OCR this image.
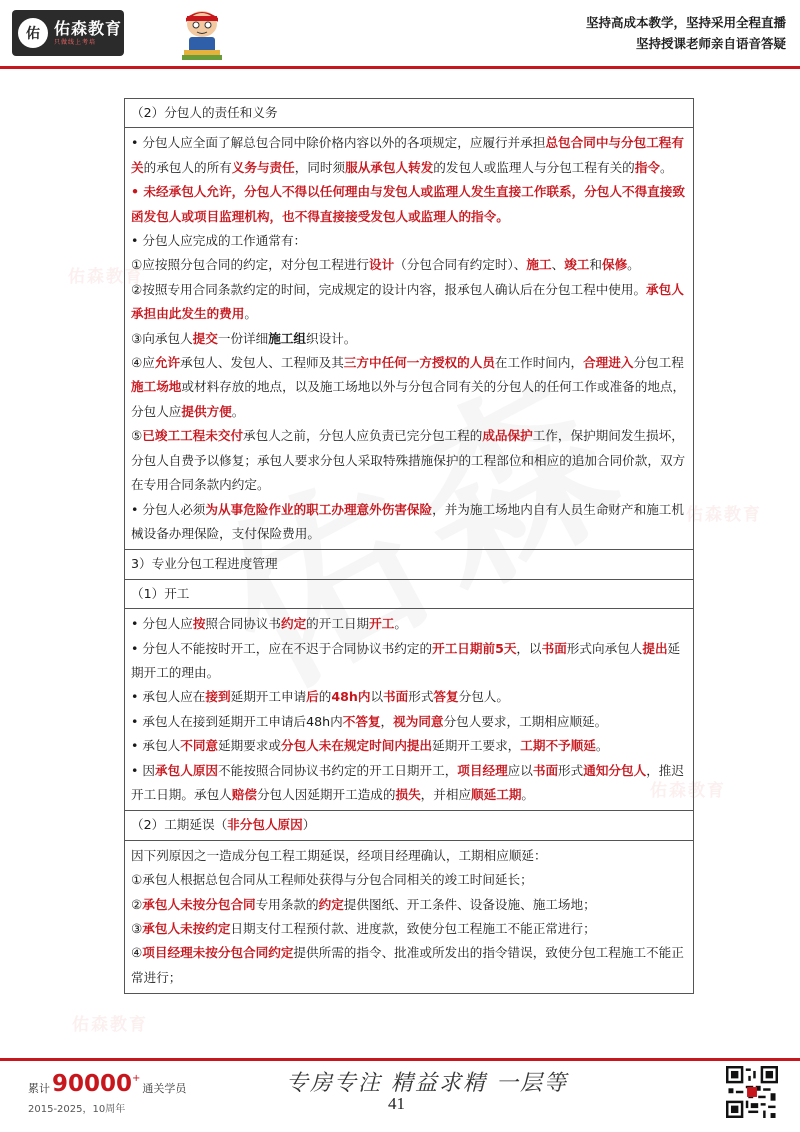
佑 佑森教育
只做线上考培
坚持高成本教学，坚持采用全程直播
坚持授课老师亲自语音答疑
佑森教育
佑森教育
佑森教育
佑森教育
（2）分包人的责任和义务
• 分包人应全面了解总包合同中除价格内容以外的各项规定，应履行并承担总包合同中与分包工程有关的承包人的所有义务与责任，同时须服从承包人转发的发包人或监理人与分包工程有关的指令。
• 未经承包人允许，分包人不得以任何理由与发包人或监理人发生直接工作联系，分包人不得直接致函发包人或项目监理机构，也不得直接接受发包人或监理人的指令。
• 分包人应完成的工作通常有：
①应按照分包合同的约定，对分包工程进行设计（分包合同有约定时）、施工、竣工和保修。
②按照专用合同条款约定的时间，完成规定的设计内容，报承包人确认后在分包工程中使用。承包人承担由此发生的费用。
③向承包人提交一份详细施工组织设计。
④应允许承包人、发包人、工程师及其三方中任何一方授权的人员在工作时间内，合理进入分包工程施工场地或材料存放的地点，以及施工场地以外与分包合同有关的分包人的任何工作或准备的地点，分包人应提供方便。
⑤已竣工工程未交付承包人之前，分包人应负责已完分包工程的成品保护工作，保护期间发生损坏，分包人自费予以修复；承包人要求分包人采取特殊措施保护的工程部位和相应的追加合同价款，双方在专用合同条款内约定。
• 分包人必须为从事危险作业的职工办理意外伤害保险，并为施工场地内自有人员生命财产和施工机械设备办理保险，支付保险费用。
3）专业分包工程进度管理
（1）开工
• 分包人应按照合同协议书约定的开工日期开工。
• 分包人不能按时开工，应在不迟于合同协议书约定的开工日期前5天，以书面形式向承包人提出延期开工的理由。
• 承包人应在接到延期开工申请后的48h内以书面形式答复分包人。
• 承包人在接到延期开工申请后48h内不答复，视为同意分包人要求，工期相应顺延。
• 承包人不同意延期要求或分包人未在规定时间内提出延期开工要求，工期不予顺延。
• 因承包人原因不能按照合同协议书约定的开工日期开工，项目经理应以书面形式通知分包人，推迟开工日期。承包人赔偿分包人因延期开工造成的损失，并相应顺延工期。
（2）工期延误（非分包人原因）
因下列原因之一造成分包工程工期延误，经项目经理确认，工期相应顺延：
①承包人根据总包合同从工程师处获得与分包合同相关的竣工时间延长；
②承包人未按分包合同专用条款的约定提供图纸、开工条件、设备设施、施工场地；
③承包人未按约定日期支付工程预付款、进度款，致使分包工程施工不能正常进行；
④项目经理未按分包合同约定提供所需的指令、批准或所发出的指令错误，致使分包工程施工不能正常进行；
累计 90000 +
通关学员
2015-2025，10周年
专房专注 精益求精 一层等
41
